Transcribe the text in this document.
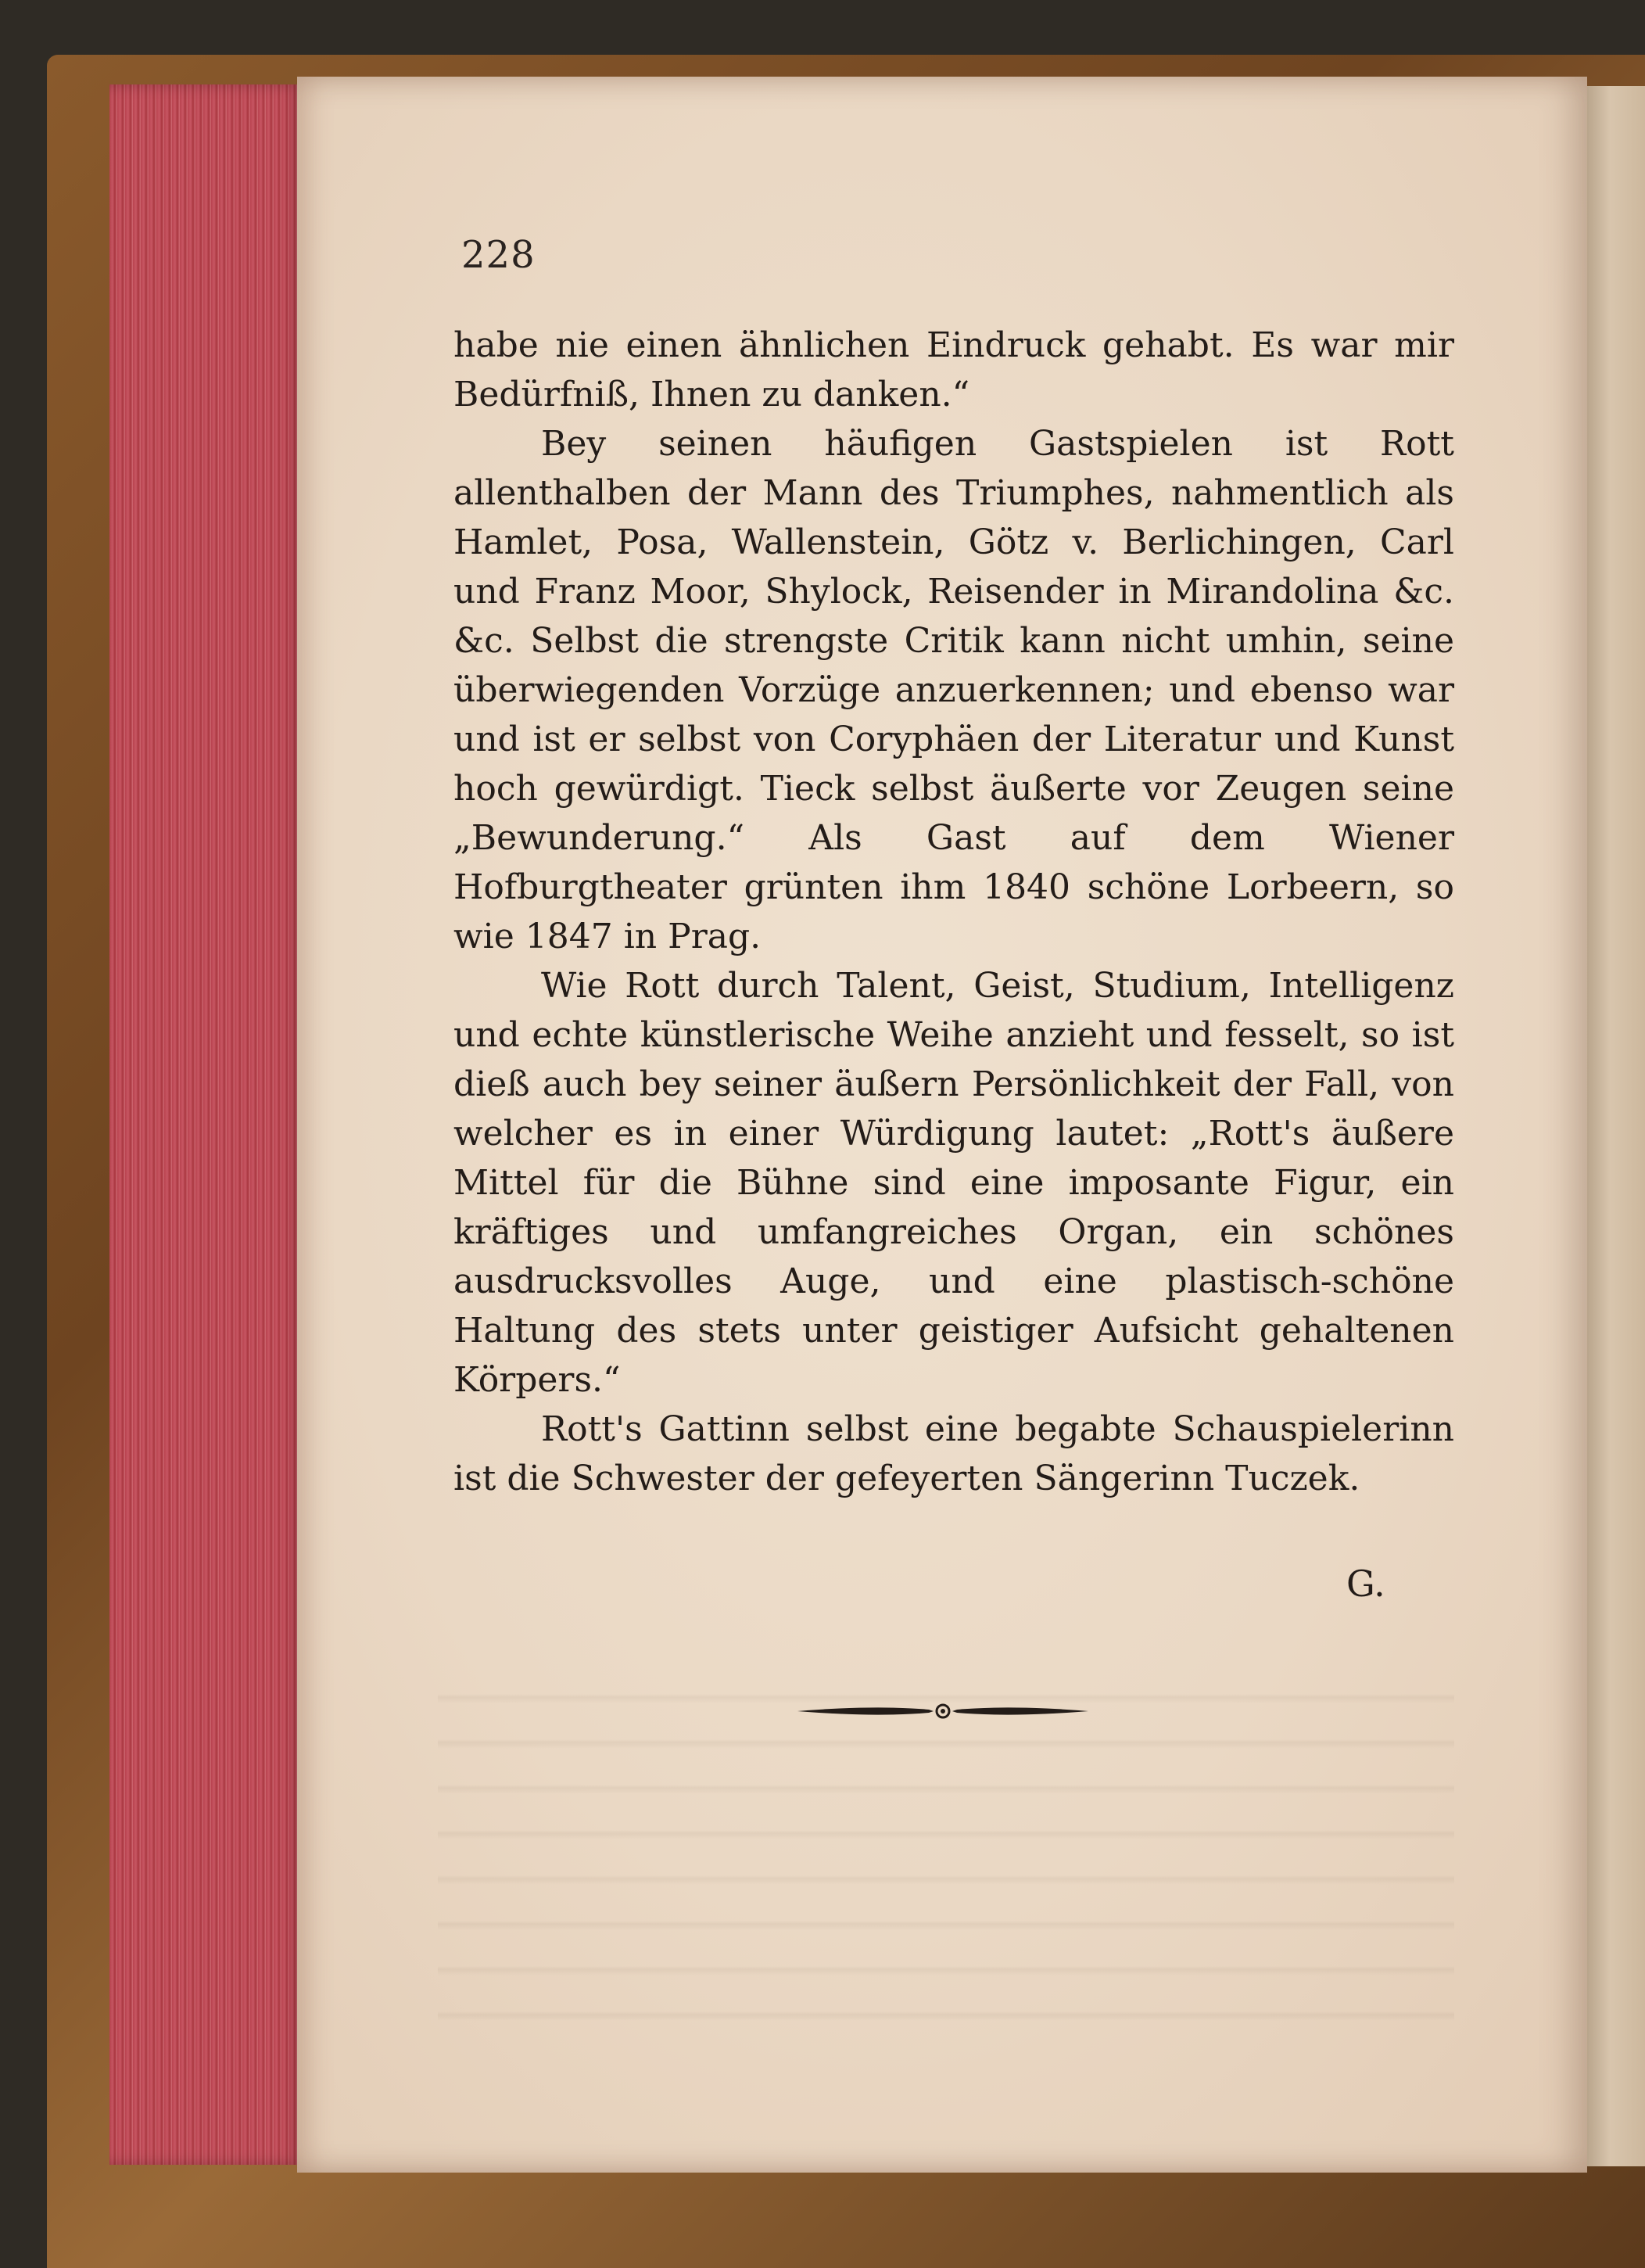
228

habe nie einen ähnlichen Eindruck gehabt. Es war mir Bedürfniß, Ihnen zu danken.“

Bey seinen häufigen Gastspielen ist Rott allenthalben der Mann des Triumphes, nahmentlich als Hamlet, Posa, Wallenstein, Götz v. Berlichingen, Carl und Franz Moor, Shylock, Reisender in Mirandolina &c. &c. Selbst die strengste Critik kann nicht umhin, seine überwiegenden Vorzüge anzuerkennen; und ebenso war und ist er selbst von Coryphäen der Literatur und Kunst hoch gewürdigt. Tieck selbst äußerte vor Zeugen seine „Bewunderung.“ Als Gast auf dem Wiener Hofburgtheater grünten ihm 1840 schöne Lorbeern, so wie 1847 in Prag.

Wie Rott durch Talent, Geist, Studium, Intelligenz und echte künstlerische Weihe anzieht und fesselt, so ist dieß auch bey seiner äußern Persönlichkeit der Fall, von welcher es in einer Würdigung lautet: „Rott's äußere Mittel für die Bühne sind eine imposante Figur, ein kräftiges und umfangreiches Organ, ein schönes ausdrucksvolles Auge, und eine plastisch-schöne Haltung des stets unter geistiger Aufsicht gehaltenen Körpers.“

Rott's Gattinn selbst eine begabte Schauspielerinn ist die Schwester der gefeyerten Sängerinn Tuczek.

G.
